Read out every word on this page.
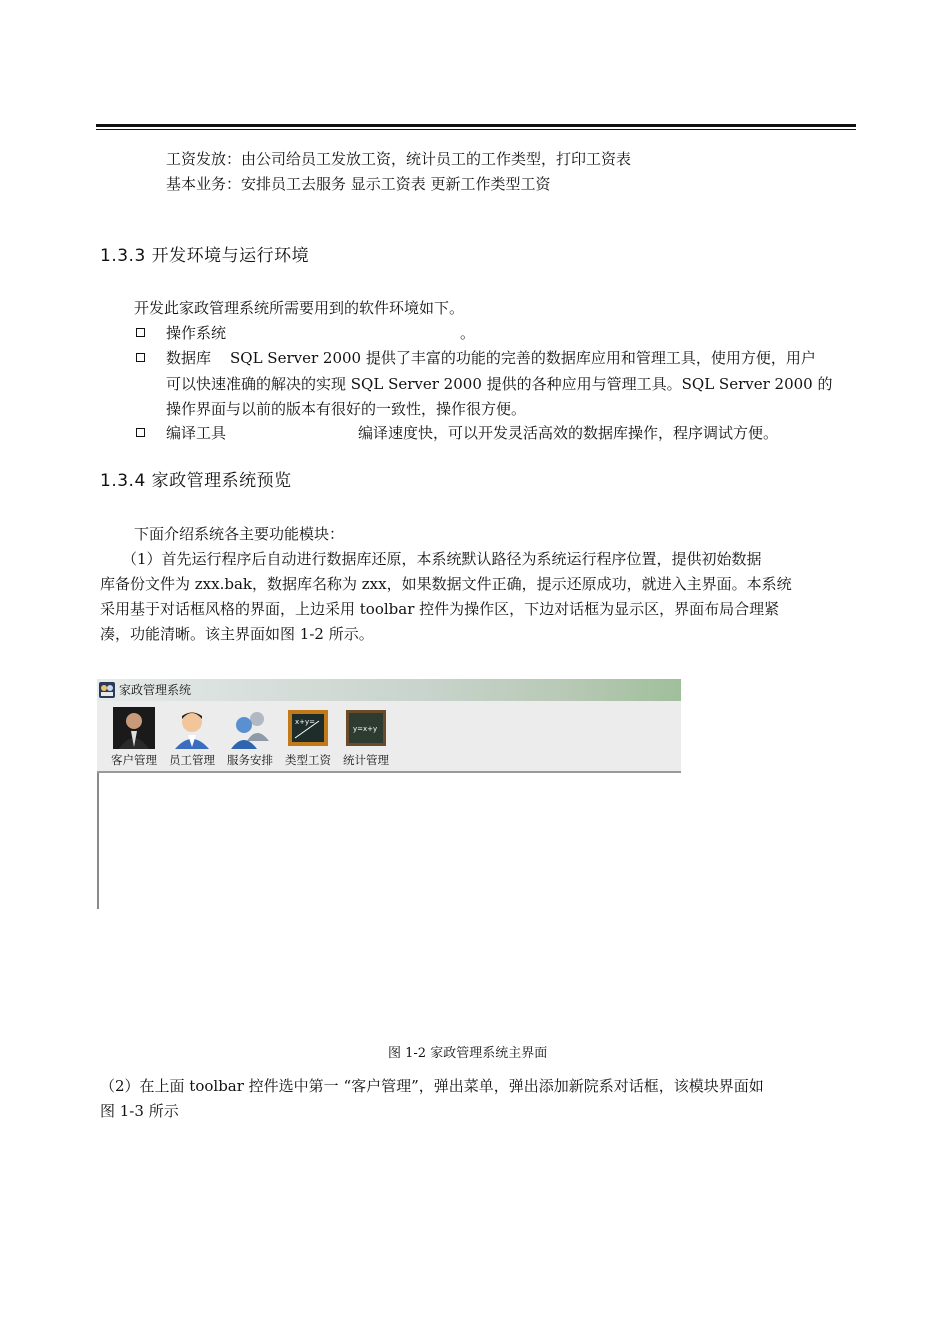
工资发放：由公司给员工发放工资，统计员工的工作类型，打印工资表
基本业务：安排员工去服务 显示工资表 更新工作类型工资
1.3.3 开发环境与运行环境
开发此家政管理系统所需要用到的软件环境如下。
操作系统	。
数据库 SQL Server 2000 提供了丰富的功能的完善的数据库应用和管理工具，使用方便，用户
可以快速准确的解决的实现 SQL Server 2000 提供的各种应用与管理工具。SQL Server 2000 的
操作界面与以前的版本有很好的一致性，操作很方便。
编译工具	编译速度快，可以开发灵活高效的数据库操作，程序调试方便。
1.3.4 家政管理系统预览
下面介绍系统各主要功能模块：
（1）首先运行程序后自动进行数据库还原，本系统默认路径为系统运行程序位置，提供初始数据
库备份文件为 zxx.bak，数据库名称为 zxx，如果数据文件正确，提示还原成功，就进入主界面。本系统
采用基于对话框风格的界面，上边采用 toolbar 控件为操作区，下边对话框为显示区，界面布局合理紧
凑，功能清晰。该主界面如图 1-2 所示。
家政管理系统
客户管理	员工管理	服务安排
x+y=
类型工资
y=x+y
统计管理
图 1-2 家政管理系统主界面
（2）在上面 toolbar 控件选中第一 “客户管理”，弹出菜单，弹出添加新院系对话框，该模块界面如
图 1-3 所示
